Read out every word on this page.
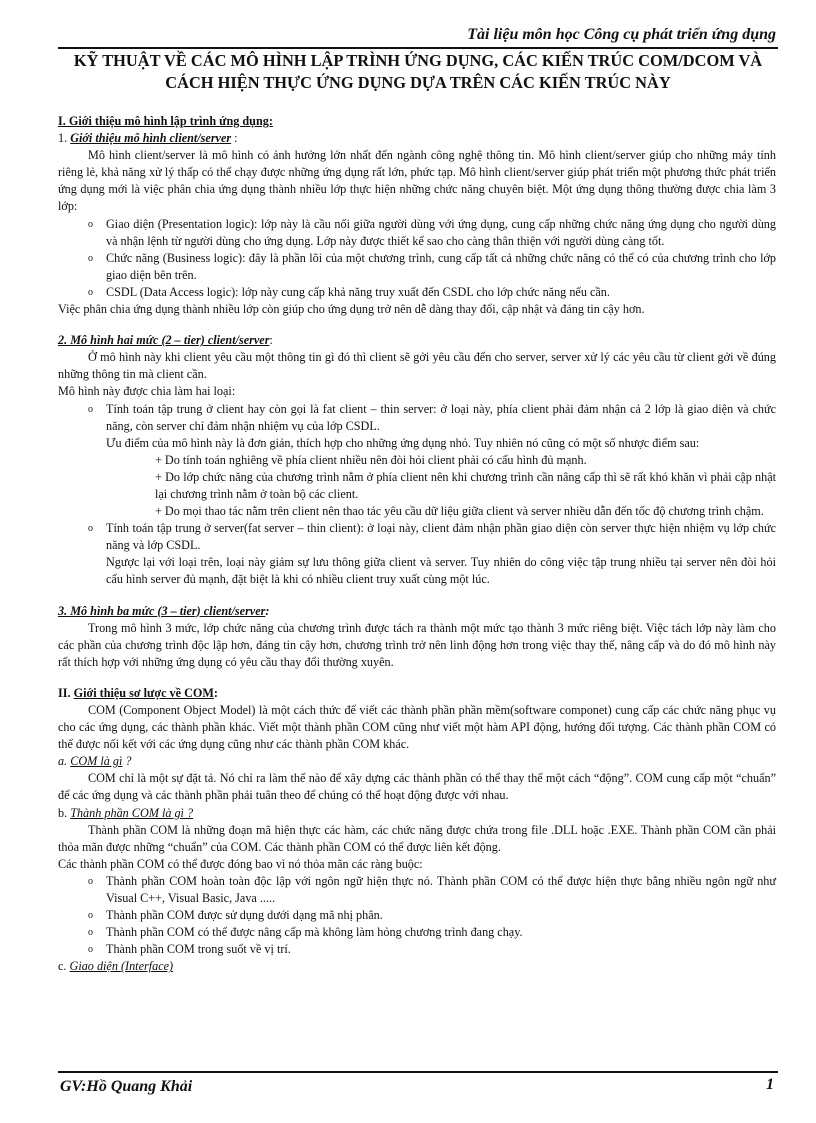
Tài liệu môn học Công cụ phát triển ứng dụng
KỸ THUẬT VỀ CÁC MÔ HÌNH LẬP TRÌNH ỨNG DỤNG, CÁC KIẾN TRÚC COM/DCOM VÀ
CÁCH HIỆN THỰC ỨNG DỤNG DỰA TRÊN CÁC KIẾN TRÚC NÀY

I. Giới thiệu mô hình lập trình ứng dụng:

1. Giới thiệu mô hình client/server :

Mô hình client/server là mô hình có ảnh hưởng lớn nhất đến ngành công nghệ thông tin. Mô hình client/server giúp cho những máy tính riêng lẻ, khả năng xử lý thấp có thể chạy được những ứng dụng rất lớn, phức tạp. Mô hình client/server giúp phát triển một phương thức phát triển ứng dụng mới là việc phân chia ứng dụng thành nhiều lớp thực hiện những chức năng chuyên biệt. Một ứng dụng thông thường được chia làm 3 lớp:

o Giao diện (Presentation logic): lớp này là cầu nối giữa người dùng với ứng dụng, cung cấp những chức năng ứng dụng cho người dùng và nhận lệnh từ người dùng cho ứng dụng. Lớp này được thiết kế sao cho càng thân thiện với người dùng càng tốt.

o Chức năng (Business logic): đây là phần lõi của một chương trình, cung cấp tất cả những chức năng có thể có của chương trình cho lớp giao diện bên trên.

o CSDL (Data Access logic): lớp này cung cấp khả năng truy xuất đến CSDL cho lớp chức năng nếu cần.

Việc phân chia ứng dụng thành nhiều lớp còn giúp cho ứng dụng trở nên dễ dàng thay đổi, cập nhật và đáng tin cậy hơn.

2. Mô hình hai mức (2 – tier) client/server:

Ở mô hình này khi client yêu cầu một thông tin gì đó thì client sẽ gởi yêu cầu đến cho server, server xử lý các yêu cầu từ client gởi về đúng những thông tin mà client cần.

Mô hình này được chia làm hai loại:

o Tính toán tập trung ở client hay còn gọi là fat client – thin server: ở loại này, phía client phải đảm nhận cả 2 lớp là giao diện và chức năng, còn server chỉ đảm nhận nhiệm vụ của lớp CSDL.

Ưu điểm của mô hình này là đơn giản, thích hợp cho những ứng dụng nhỏ. Tuy nhiên nó cũng có một số nhược điểm sau:

+ Do tính toán nghiêng về phía client nhiều nên đòi hỏi client phải có cấu hình đủ mạnh.

+ Do lớp chức năng của chương trình nằm ở phía client nên khi chương trình cần nâng cấp thì sẽ rất khó khăn vì phải cập nhật lại chương trình nằm ở toàn bộ các client.

+ Do mọi thao tác nằm trên client nên thao tác yêu cầu dữ liệu giữa client và server nhiều dẫn đến tốc độ chương trình chậm.

o Tính toán tập trung ở server(fat server – thin client): ở loại này, client đảm nhận phần giao diện còn server thực hiện nhiệm vụ lớp chức năng và lớp CSDL.

Ngược lại với loại trên, loại này giảm sự lưu thông giữa client và server. Tuy nhiên do công việc tập trung nhiều tại server nên đòi hỏi cấu hình server đủ mạnh, đặt biệt là khi có nhiều client truy xuất cùng một lúc.

3. Mô hình ba mức (3 – tier) client/server:

Trong mô hình 3 mức, lớp chức năng của chương trình được tách ra thành một mức tạo thành 3 mức riêng biệt. Việc tách lớp này làm cho các phần của chương trình độc lập hơn, đáng tin cậy hơn, chương trình trở nên linh động hơn trong việc thay thế, nâng cấp và do đó mô hình này rất thích hợp với những ứng dụng có yêu cầu thay đổi thường xuyên.

II. Giới thiệu sơ lược về COM:

COM (Component Object Model) là một cách thức để viết các thành phần phần mềm(software componet) cung cấp các chức năng phục vụ cho các ứng dụng, các thành phần khác. Viết một thành phần COM cũng như viết một hàm API động, hướng đối tượng. Các thành phần COM có thể được nối kết với các ứng dụng cũng như các thành phần COM khác.

a. COM là gì ?

COM chỉ là một sự đặt tả. Nó chỉ ra làm thế nào để xây dựng các thành phần có thể thay thế một cách “động”. COM cung cấp một “chuẩn” để các ứng dụng và các thành phần phải tuân theo để chúng có thể hoạt động được với nhau.

b. Thành phần COM là gì ?

Thành phần COM là những đoạn mã hiện thực các hàm, các chức năng được chứa trong file .DLL hoặc .EXE. Thành phần COM cần phải thỏa mãn được những “chuẩn” của COM. Các thành phần COM có thể được liên kết động.

Các thành phần COM có thể được đóng bao vì nó thỏa mãn các ràng buộc:

o Thành phần COM hoàn toàn độc lập với ngôn ngữ hiện thực nó. Thành phần COM có thể được hiện thực bằng nhiều ngôn ngữ như Visual C++, Visual Basic, Java .....

o Thành phần COM được sử dụng dưới dạng mã nhị phân.

o Thành phần COM có thể được nâng cấp mà không làm hỏng chương trình đang chạy.

o Thành phần COM trong suốt về vị trí.

c. Giao diện (Interface)

GV:Hồ Quang Khải	1
